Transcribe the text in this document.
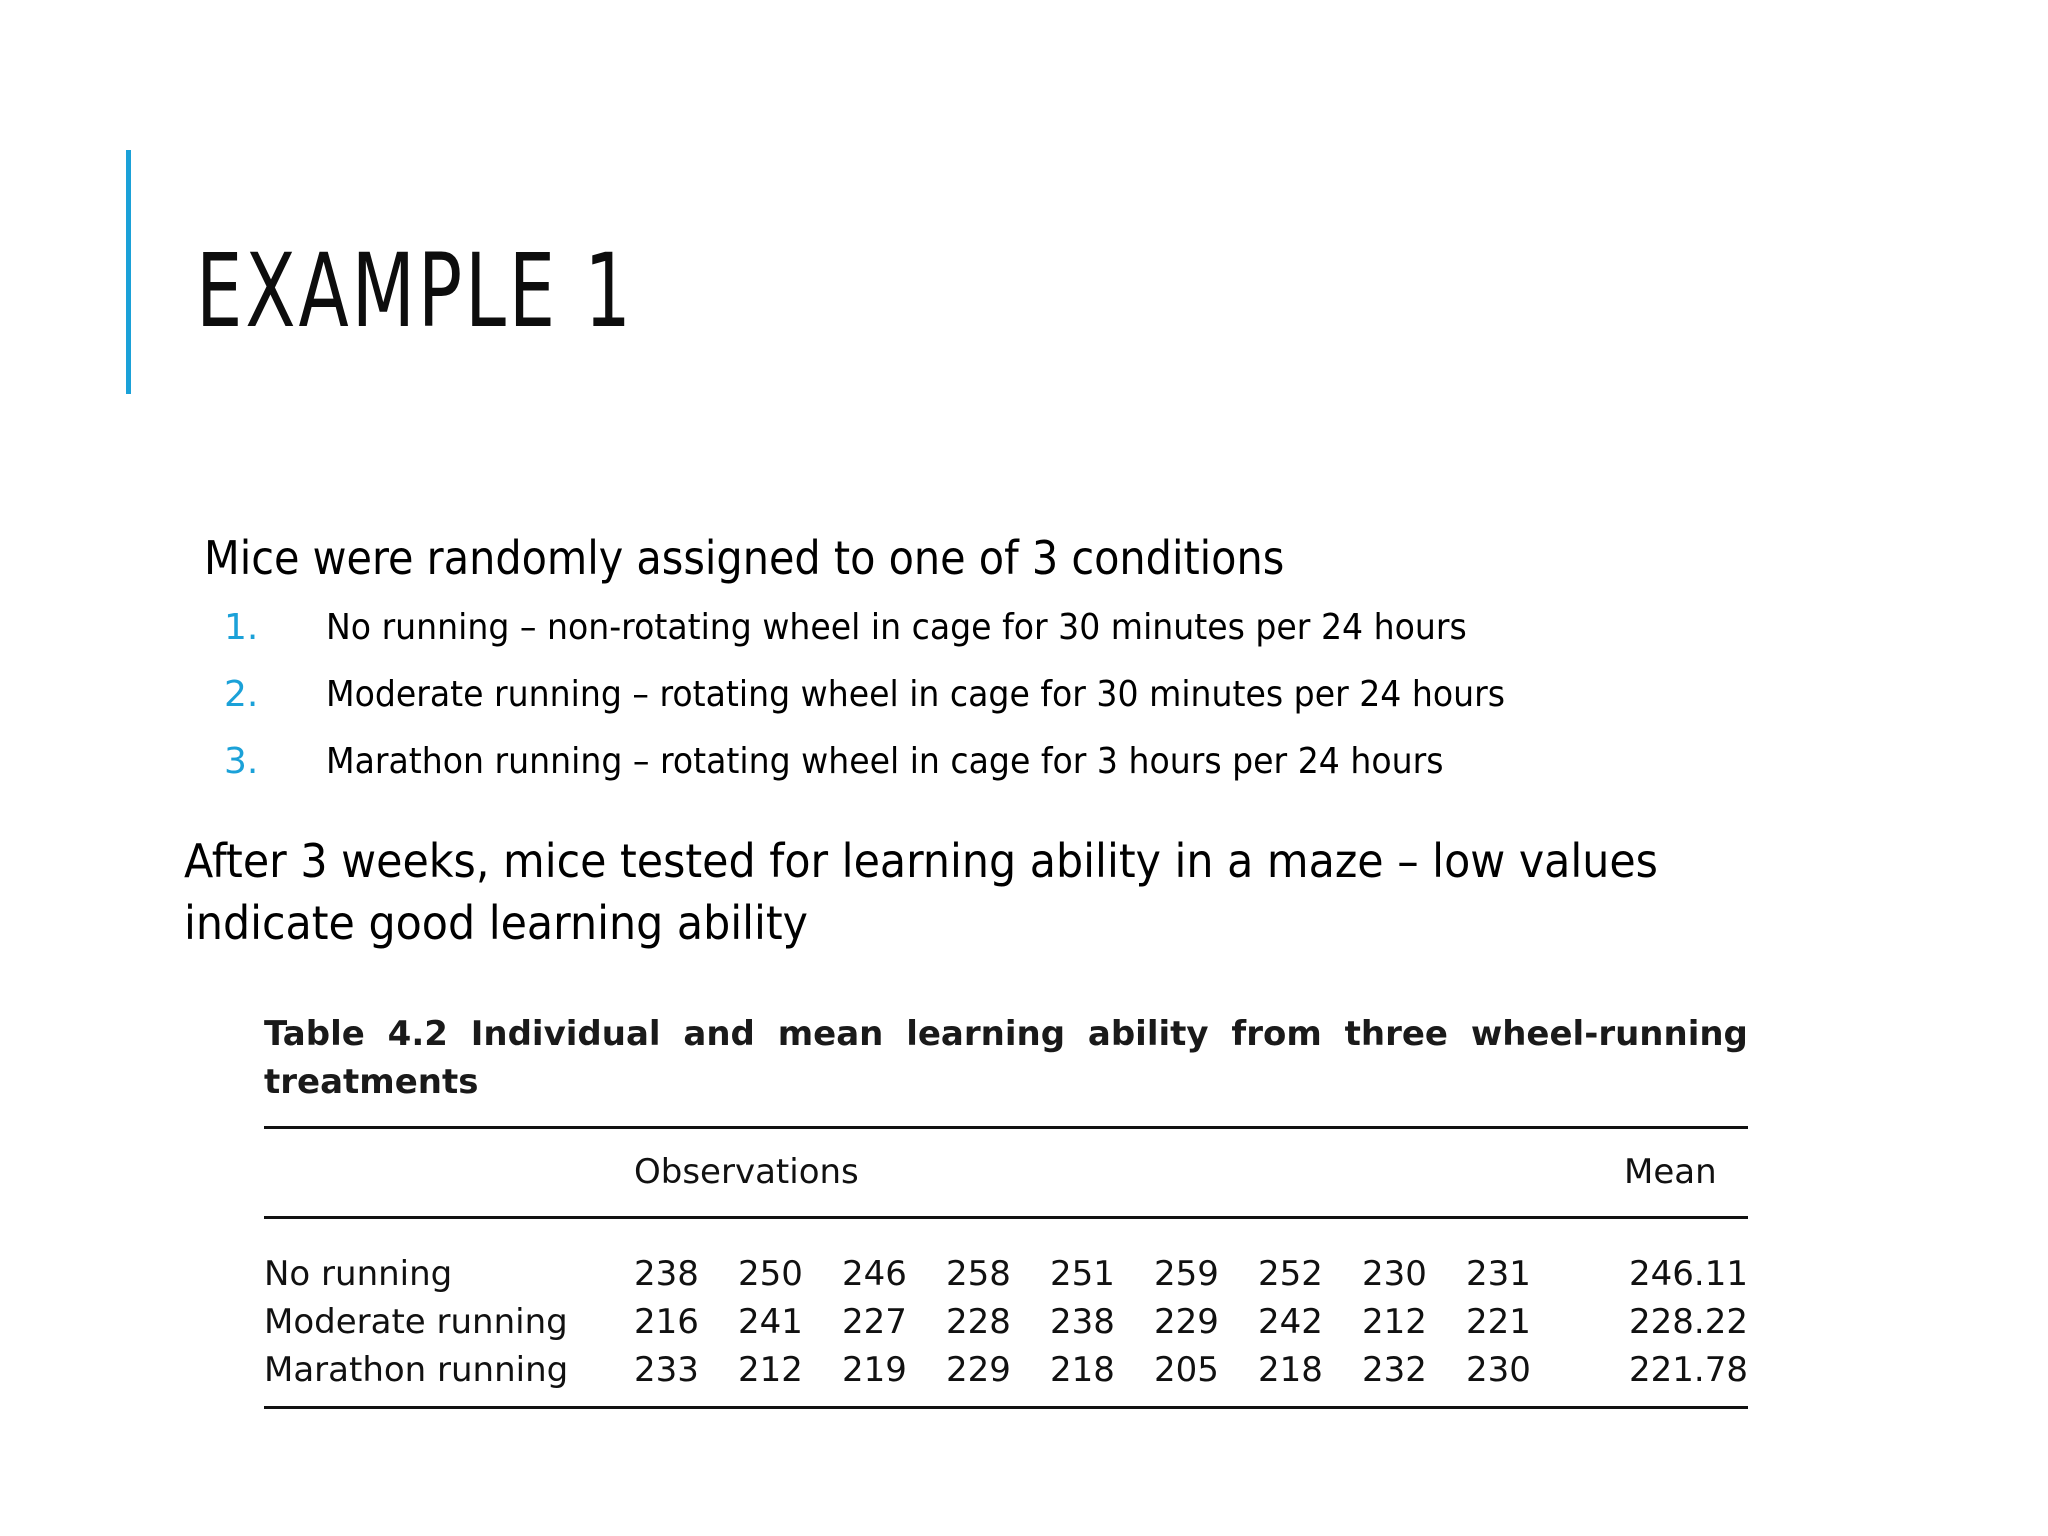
EXAMPLE 1
Mice were randomly assigned to one of 3 conditions
1. No running – non-rotating wheel in cage for 30 minutes per 24 hours
2. Moderate running – rotating wheel in cage for 30 minutes per 24 hours
3. Marathon running – rotating wheel in cage for 3 hours per 24 hours
After 3 weeks, mice tested for learning ability in a maze – low values indicate good learning ability
Table 4.2 Individual and mean learning ability from three wheel-running
treatments
Observations	Mean
No running	238	250	246	258	251	259	252	230	231	246.11
Moderate running 216	241	227	228	238	229	242	212	221	228.22
Marathon running 233	212	219	229	218	205	218	232	230	221.78
